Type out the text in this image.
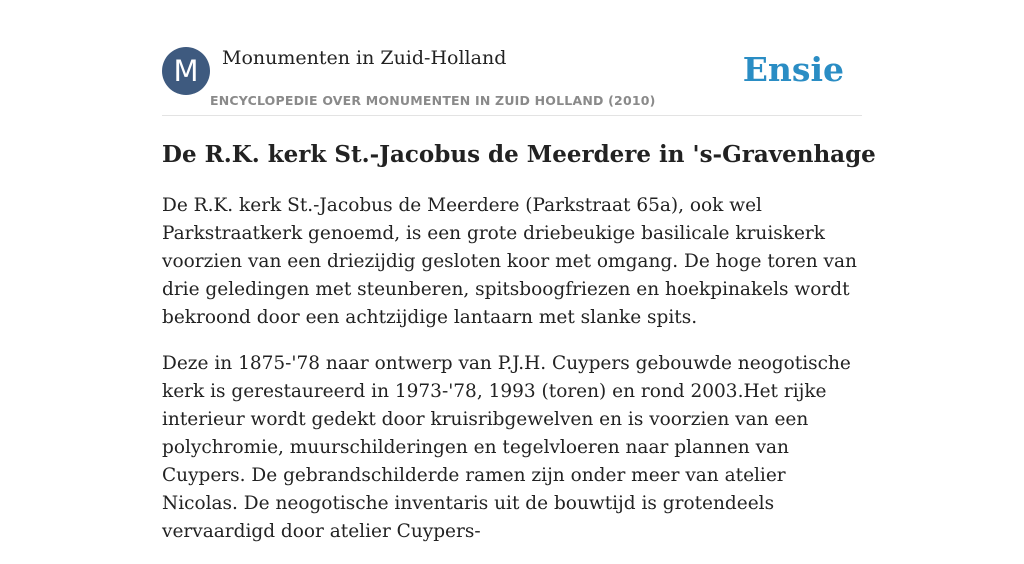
M	Monumenten in Zuid-Holland
ENCYCLOPEDIE OVER MONUMENTEN IN ZUID HOLLAND (2010)
Ensie
De R.K. kerk St.-Jacobus de Meerdere in 's-Gravenhage

De R.K. kerk St.-Jacobus de Meerdere (Parkstraat 65a), ook wel Parkstraatkerk genoemd, is een grote driebeukige basilicale kruiskerk voorzien van een driezijdig gesloten koor met omgang. De hoge toren van drie geledingen met steunberen, spitsboogfriezen en hoekpinakels wordt bekroond door een achtzijdige lantaarn met slanke spits.

Deze in 1875-'78 naar ontwerp van P.J.H. Cuypers gebouwde neogotische kerk is gerestaureerd in 1973-'78, 1993 (toren) en rond 2003.Het rijke interieur wordt gedekt door kruisribgewelven en is voorzien van een polychromie, muurschilderingen en tegelvloeren naar plannen van Cuypers. De gebrandschilderde ramen zijn onder meer van atelier Nicolas. De neogotische inventaris uit de bouwtijd is grotendeels vervaardigd door atelier Cuypers-
